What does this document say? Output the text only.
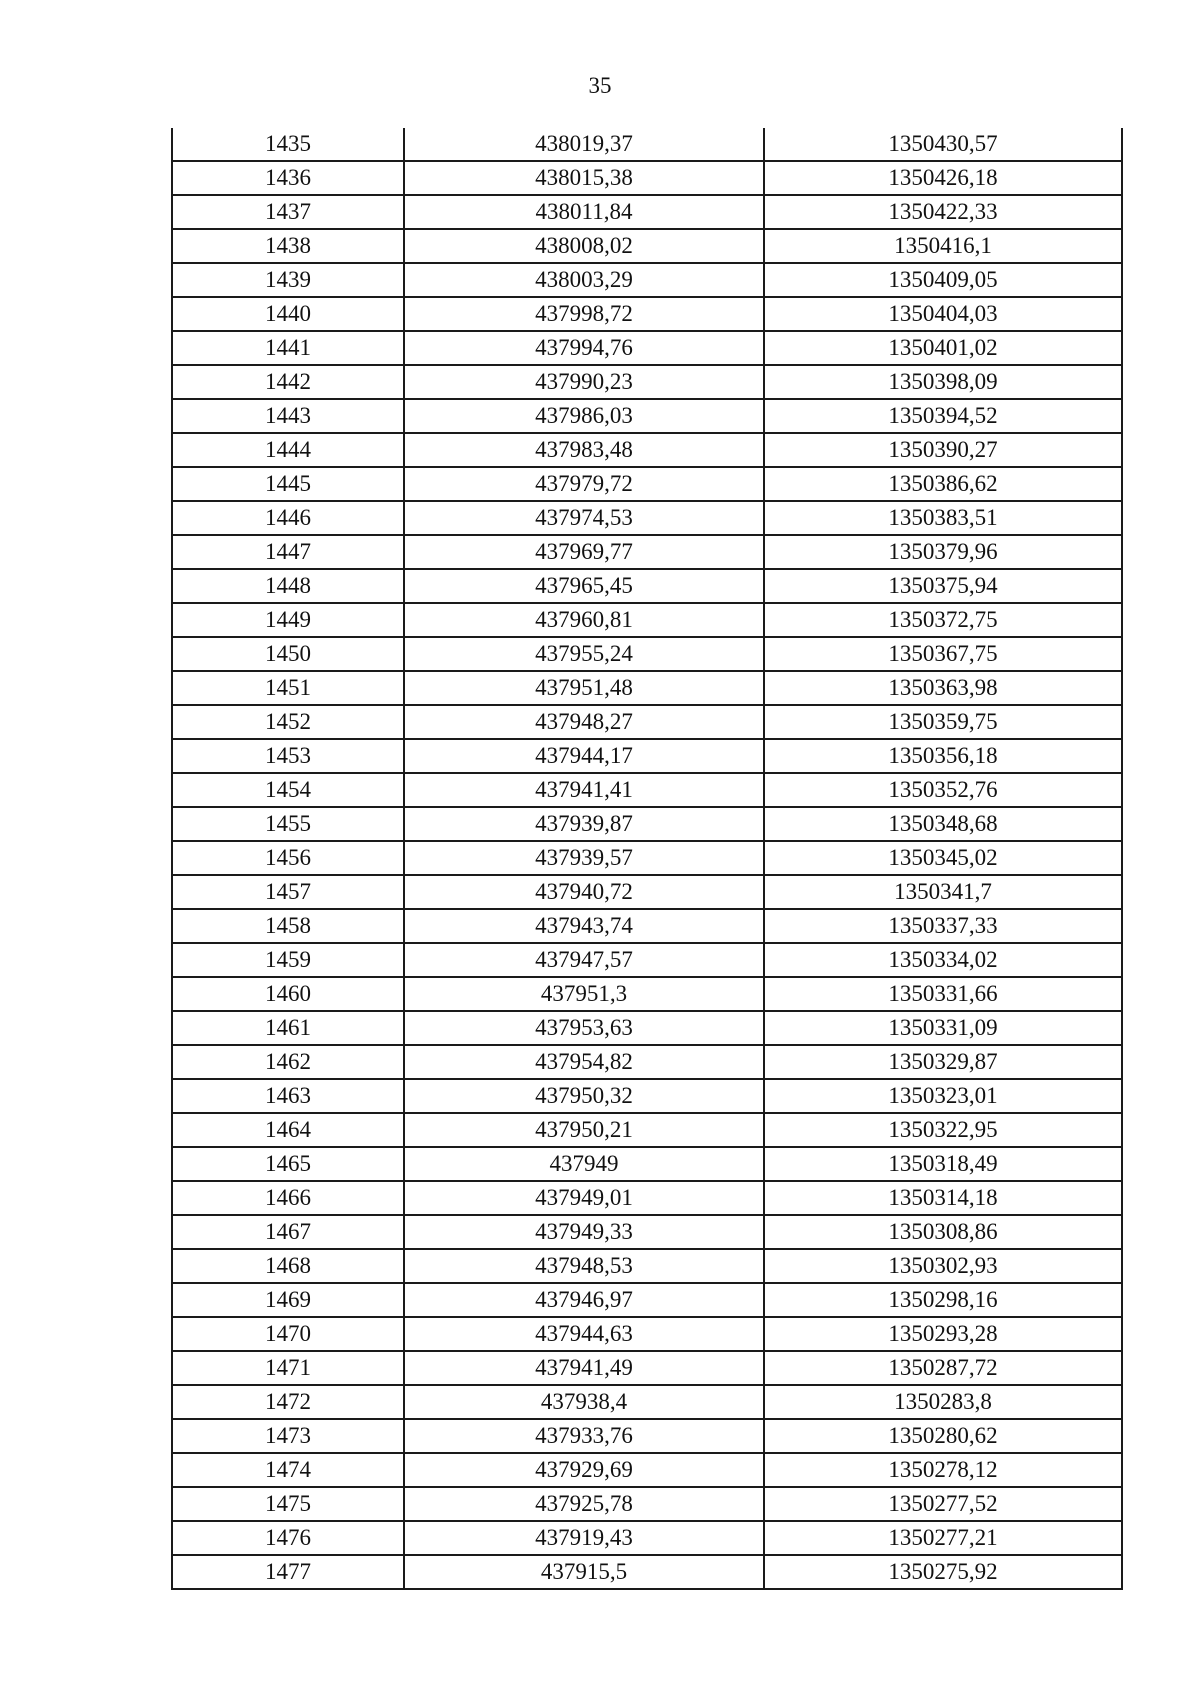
35
1435	438019,37	1350430,57
1436	438015,38	1350426,18
1437	438011,84	1350422,33
1438	438008,02	1350416,1
1439	438003,29	1350409,05
1440	437998,72	1350404,03
1441	437994,76	1350401,02
1442	437990,23	1350398,09
1443	437986,03	1350394,52
1444	437983,48	1350390,27
1445	437979,72	1350386,62
1446	437974,53	1350383,51
1447	437969,77	1350379,96
1448	437965,45	1350375,94
1449	437960,81	1350372,75
1450	437955,24	1350367,75
1451	437951,48	1350363,98
1452	437948,27	1350359,75
1453	437944,17	1350356,18
1454	437941,41	1350352,76
1455	437939,87	1350348,68
1456	437939,57	1350345,02
1457	437940,72	1350341,7
1458	437943,74	1350337,33
1459	437947,57	1350334,02
1460	437951,3	1350331,66
1461	437953,63	1350331,09
1462	437954,82	1350329,87
1463	437950,32	1350323,01
1464	437950,21	1350322,95
1465	437949	1350318,49
1466	437949,01	1350314,18
1467	437949,33	1350308,86
1468	437948,53	1350302,93
1469	437946,97	1350298,16
1470	437944,63	1350293,28
1471	437941,49	1350287,72
1472	437938,4	1350283,8
1473	437933,76	1350280,62
1474	437929,69	1350278,12
1475	437925,78	1350277,52
1476	437919,43	1350277,21
1477	437915,5	1350275,92
